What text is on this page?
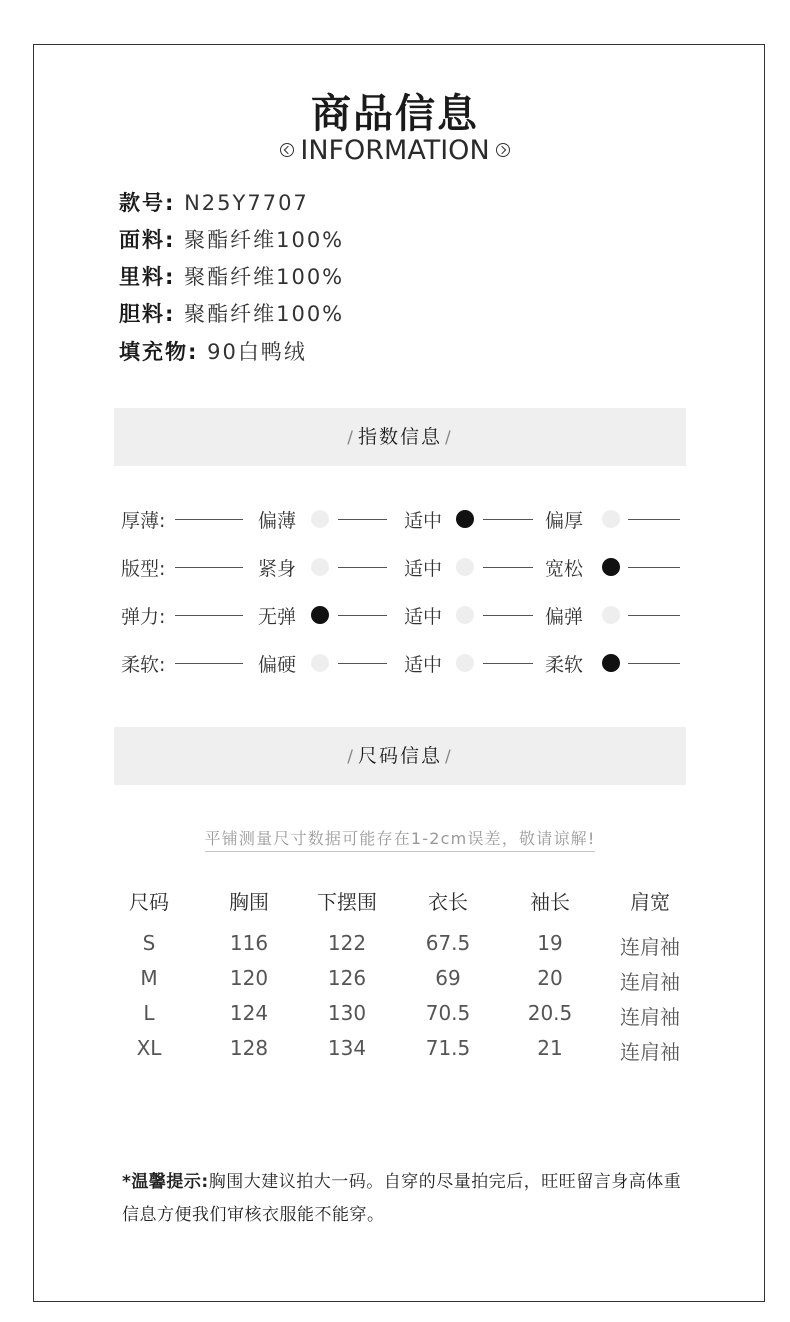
商品信息
INFORMATION
款号: N25Y7707
面料: 聚酯纤维100%
里料: 聚酯纤维100%
胆料: 聚酯纤维100%
填充物: 90白鸭绒
/ 指数信息 /
厚薄:	偏薄	适中	偏厚
版型:	紧身	适中	宽松
弹力:	无弹	适中	偏弹
柔软:	偏硬	适中	柔软
/ 尺码信息 /
平铺测量尺寸数据可能存在1-2cm误差，敬请谅解!
尺码	胸围	下摆围	衣长	袖长	肩宽
S	116	122	67.5	19	连肩袖
M	120	126	69	20	连肩袖
L	124	130	70.5	20.5	连肩袖
XL	128	134	71.5	21	连肩袖
*温馨提示:胸围大建议拍大一码。自穿的尽量拍完后，旺旺留言身高体重信息方便我们审核衣服能不能穿。
